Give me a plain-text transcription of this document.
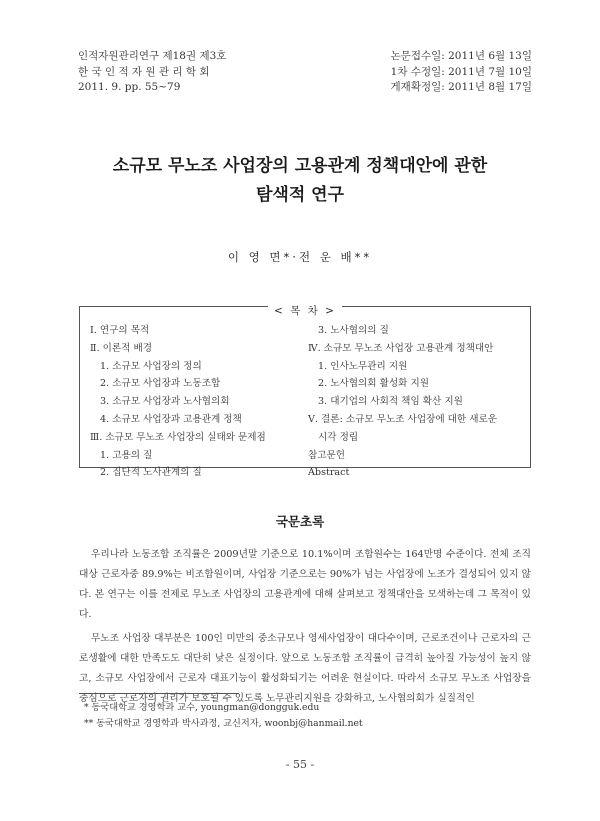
인적자원관리연구 제18권 제3호
한 국 인 적 자 원 관 리 학 회
2011. 9. pp. 55~79
논문접수일: 2011년 6월 13일
1차 수정일: 2011년 7월 10일
게재확정일: 2011년 8월 17일
소규모 무노조 사업장의 고용관계 정책대안에 관한
탐색적 연구
이 영 면*·전 운 배**
< 목 차 >
Ⅰ. 연구의 목적
Ⅱ. 이론적 배경
1. 소규모 사업장의 정의
2. 소규모 사업장과 노동조합
3. 소규모 사업장과 노사협의회
4. 소규모 사업장과 고용관계 정책
Ⅲ. 소규모 무노조 사업장의 실태와 문제점
1. 고용의 질
2. 집단적 노사관계의 질
3. 노사협의의 질
Ⅳ. 소규모 무노조 사업장 고용관계 정책대안
1. 인사노무관리 지원
2. 노사협의회 활성화 지원
3. 대기업의 사회적 책임 확산 지원
Ⅴ. 결론: 소규모 무노조 사업장에 대한 새로운
시각 정립
참고문헌
Abstract
국문초록

우리나라 노동조합 조직률은 2009년말 기준으로 10.1%이며 조합원수는 164만명 수준이다. 전체 조직대상 근로자중 89.9%는 비조합원이며, 사업장 기준으로는 90%가 넘는 사업장에 노조가 결성되어 있지 않다. 본 연구는 이를 전제로 무노조 사업장의 고용관계에 대해 살펴보고 정책대안을 모색하는데 그 목적이 있다.

무노조 사업장 대부분은 100인 미만의 중소규모나 영세사업장이 대다수이며, 근로조건이나 근로자의 근로생활에 대한 만족도도 대단히 낮은 실정이다. 앞으로 노동조합 조직률이 급격히 높아질 가능성이 높지 않고, 소규모 사업장에서 근로자 대표기능이 활성화되기는 어려운 현실이다. 따라서 소규모 무노조 사업장을 중심으로 근로자의 권리가 보호될 수 있도록 노무관리지원을 강화하고, 노사협의회가 실질적인

* 동국대학교 경영학과 교수, youngman@dongguk.edu
** 동국대학교 경영학과 박사과정, 교신저자, woonbj@hanmail.net
- 55 -
